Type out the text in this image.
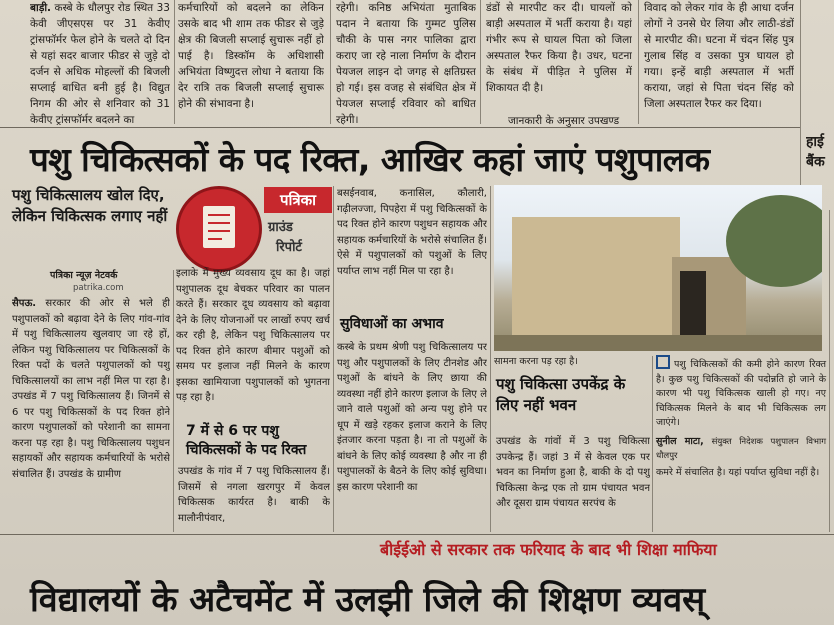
बाड़ी. कस्बे के धौलपुर रोड स्थित 33 केवी जीएसएस पर 31 केवीए ट्रांसफॉर्मर फेल होने के चलते दो दिन से यहां सदर बाजार फीडर से जुड़े दो दर्जन से अधिक मोहल्लों की बिजली सप्लाई बाधित बनी हुई है। विद्युत निगम की ओर से शनिवार को 31 केवीए ट्रांसफॉर्मर बदलने का

कर्मचारियों को बदलने का लेकिन उसके बाद भी शाम तक फीडर से जुड़े क्षेत्र की बिजली सप्लाई सुचारू नहीं हो पाई है। डिस्कॉम के अधिशासी अभियंता विष्णुदत्त लोधा ने बताया कि देर रात्रि तक बिजली सप्लाई सुचारू होने की संभावना है।

रहेगी। कनिष्ठ अभियंता मुताबिक पदान ने बताया कि गुम्मट पुलिस चौकी के पास नगर पालिका द्वारा कराए जा रहे नाला निर्माण के दौरान पेयजल लाइन दो जगह से क्षतिग्रस्त हो गई। इस वजह से संबंधित क्षेत्र में पेयजल सप्लाई रविवार को बाधित रहेगी।

डंडों से मारपीट कर दी। घायलों को बाड़ी अस्पताल में भर्ती कराया है। यहां गंभीर रूप से घायल पिता को जिला अस्पताल रैफर किया है। उधर, घटना के संबंध में पीड़ित ने पुलिस में शिकायत दी है।

जानकारी के अनुसार उपखण्ड

विवाद को लेकर गांव के ही आधा दर्जन लोगों ने उनसे घेर लिया और लाठी-डंडों से मारपीट की। घटना में चंदन सिंह पुत्र गुलाब सिंह व उसका पुत्र घायल हो गया। इन्हें बाड़ी अस्पताल में भर्ती कराया, जहां से पिता चंदन सिंह को जिला अस्पताल रैफर कर दिया।

हाई बैंक
पशु चिकित्सकों के पद रिक्त, आखिर कहां जाएं पशुपालक
पशु चिकित्सालय खोल दिए, लेकिन चिकित्सक लगाए नहीं
पत्रिका न्यूज़ नेटवर्क
patrika.com
पत्रिका
ग्राउंड
रिपोर्ट

सैपऊ. सरकार की ओर से भले ही पशुपालकों को बढ़ावा देने के लिए गांव-गांव में पशु चिकित्सालय खुलवाए जा रहे हों, लेकिन पशु चिकित्सालय पर चिकित्सकों के रिक्त पदों के चलते पशुपालकों को पशु चिकित्सालयों का लाभ नहीं मिल पा रहा है। उपखंड में 7 पशु चिकित्सालय हैं। जिनमें से 6 पर पशु चिकित्सकों के पद रिक्त होने कारण पशुपालकों को परेशानी का सामना करना पड़ रहा है। पशु चिकित्सालय पशुधन सहायकों और सहायक कर्मचारियों के भरोसे संचालित हैं। उपखंड के ग्रामीण

इलाके में मुख्य व्यवसाय दूध का है। जहां पशुपालक दूध बेचकर परिवार का पालन करते हैं। सरकार दूध व्यवसाय को बढ़ावा देने के लिए योजनाओं पर लाखों रुपए खर्च कर रही है, लेकिन पशु चिकित्सालय पर पद रिक्त होने कारण बीमार पशुओं को समय पर इलाज नहीं मिलने के कारण इसका खामियाजा पशुपालकों को भुगतना पड़ रहा है।

7 में से 6 पर पशु चिकित्सकों के पद रिक्त

उपखंड के गांव में 7 पशु चिकित्सालय हैं। जिसमें से नगला खरगपुर में केवल चिकित्सक कार्यरत है। बाकी के मालौनीपंवार,

बसईनवाब, कनासिल, कौलारी, गढ़ीलज्जा, पिपहेरा में पशु चिकित्सकों के पद रिक्त होने कारण पशुधन सहायक और सहायक कर्मचारियों के भरोसे संचालित हैं। ऐसे में पशुपालकों को पशुओं के लिए पर्याप्त लाभ नहीं मिल पा रहा है।

सुविधाओं का अभाव

कस्बे के प्रथम श्रेणी पशु चिकित्सालय पर पशु और पशुपालकों के लिए टीनशेड और पशुओं के बांधने के लिए छाया की व्यवस्था नहीं होने कारण इलाज के लिए ले जाने वाले पशुओं को अन्य पशु होने पर धूप में खड़े रहकर इलाज कराने के लिए इंतजार करना पड़ता है। ना तो पशुओं के बांधने के लिए कोई व्यवस्था है और ना ही पशुपालकों के बैठने के लिए कोई सुविधा। इस कारण परेशानी का

सामना करना पड़ रहा है।
पशु चिकित्सा उपकेंद्र के लिए नहीं भवन

उपखंड के गांवों में 3 पशु चिकित्सा उपकेन्द्र हैं। जहां 3 में से केवल एक पर भवन का निर्माण हुआ है, बाकी के दो पशु चिकित्सा केन्द्र एक तो ग्राम पंचायत भवन और दूसरा ग्राम पंचायत सरपंच के

पशु चिकित्सकों की कमी होने कारण रिक्त है। कुछ पशु चिकित्सकों की पदोन्नति हो जाने के कारण भी पशु चिकित्सक खाली हो गए। नए चिकित्सक मिलने के बाद भी चिकित्सक लग जाएंगे।

सुनील माटा, संयुक्त निदेशक पशुपालन विभाग धौलपुर

कमरे में संचालित है। यहां पर्याप्त सुविधा नहीं है।

बीईईओ से सरकार तक फरियाद के बाद भी शिक्षा माफिया
विद्यालयों के अटैचमेंट में उलझी जिले की शिक्षण व्यवस्
